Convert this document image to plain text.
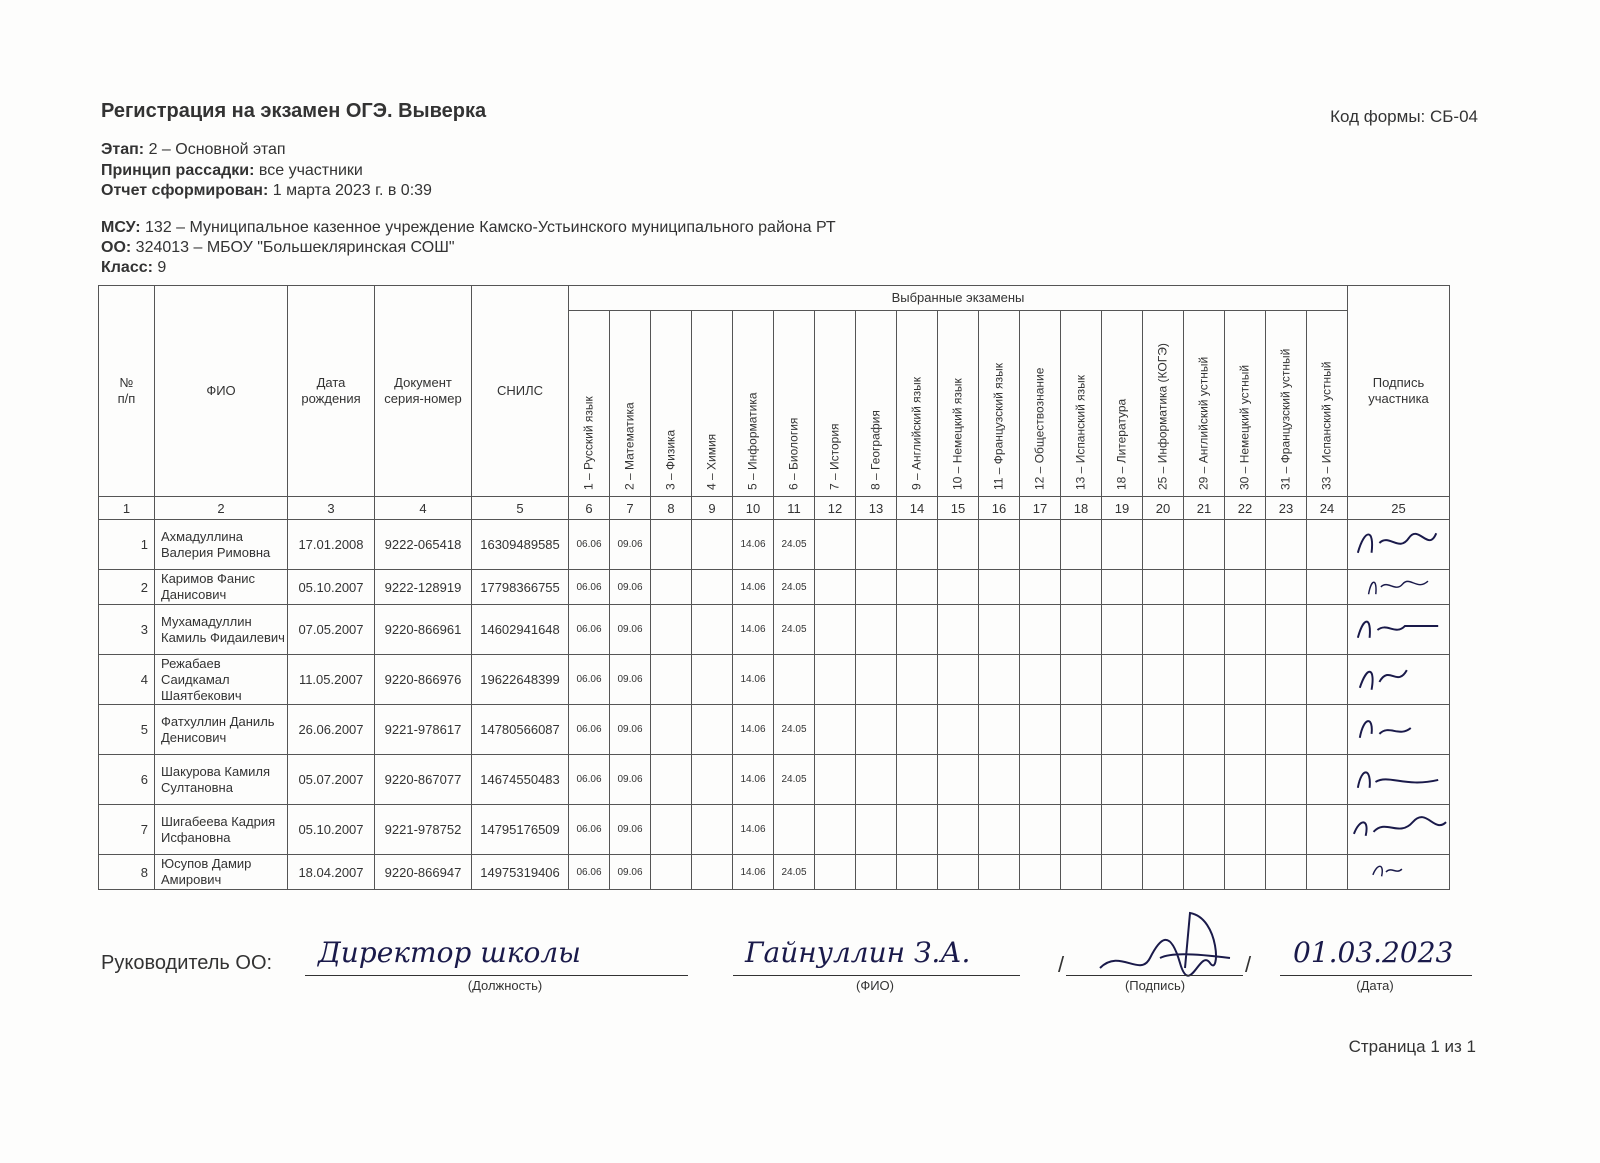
Регистрация на экзамен ОГЭ. Выверка	Код формы: СБ-04
Этап: 2 – Основной этап
Принцип рассадки: все участники
Отчет сформирован: 1 марта 2023 г. в 0:39
МСУ: 132 – Муниципальное казенное учреждение Камско-Устьинского муниципального района РТ
ОО: 324013 – МБОУ "Большекляринская СОШ"
Класс: 9
№ п/п	ФИО	Дата рождения	Документ серия-номер	СНИЛС	Выбранные экзамены																			Подпись участника

					1 – Русский язык	2 – Математика	3 – Физика	4 – Химия	5 – Информатика	6 – Биология	7 – История	8 – География	9 – Английский язык	10 – Немецкий язык	11 – Французский язык	12 – Обществознание	13 – Испанский язык	18 – Литература	25 – Информатика (КОГЭ)	29 – Английский устный	30 – Немецкий устный	31 – Французский устный	33 – Испанский устный	

1	2	3	4	5	6	7	8	9	10	11	12	13	14	15	16	17	18	19	20	21	22	23	24	25
1	Ахмадуллина Валерия Римовна	17.01.2008	9222-065418	16309489585	06.06	09.06			14.06	24.05														
2	Каримов Фанис Данисович	05.10.2007	9222-128919	17798366755	06.06	09.06			14.06	24.05														
3	Мухамадуллин Камиль Фидаилевич	07.05.2007	9220-866961	14602941648	06.06	09.06			14.06	24.05														
4	Режабаев Саидкамал Шаятбекович	11.05.2007	9220-866976	19622648399	06.06	09.06			14.06															
5	Фатхуллин Даниль Денисович	26.06.2007	9221-978617	14780566087	06.06	09.06			14.06	24.05														
6	Шакурова Камиля Султановна	05.07.2007	9220-867077	14674550483	06.06	09.06			14.06	24.05														
7	Шигабеева Кадрия Исфановна	05.10.2007	9221-978752	14795176509	06.06	09.06			14.06															
8	Юсупов Дамир Амирович	18.04.2007	9220-866947	14975319406	06.06	09.06			14.06	24.05														
Руководитель ОО: Директор школы
(Должность)
Гайнуллин З.А.
(ФИО)
/
(Подпись)
/ 01.03.2023
(Дата)
Страница 1 из 1
